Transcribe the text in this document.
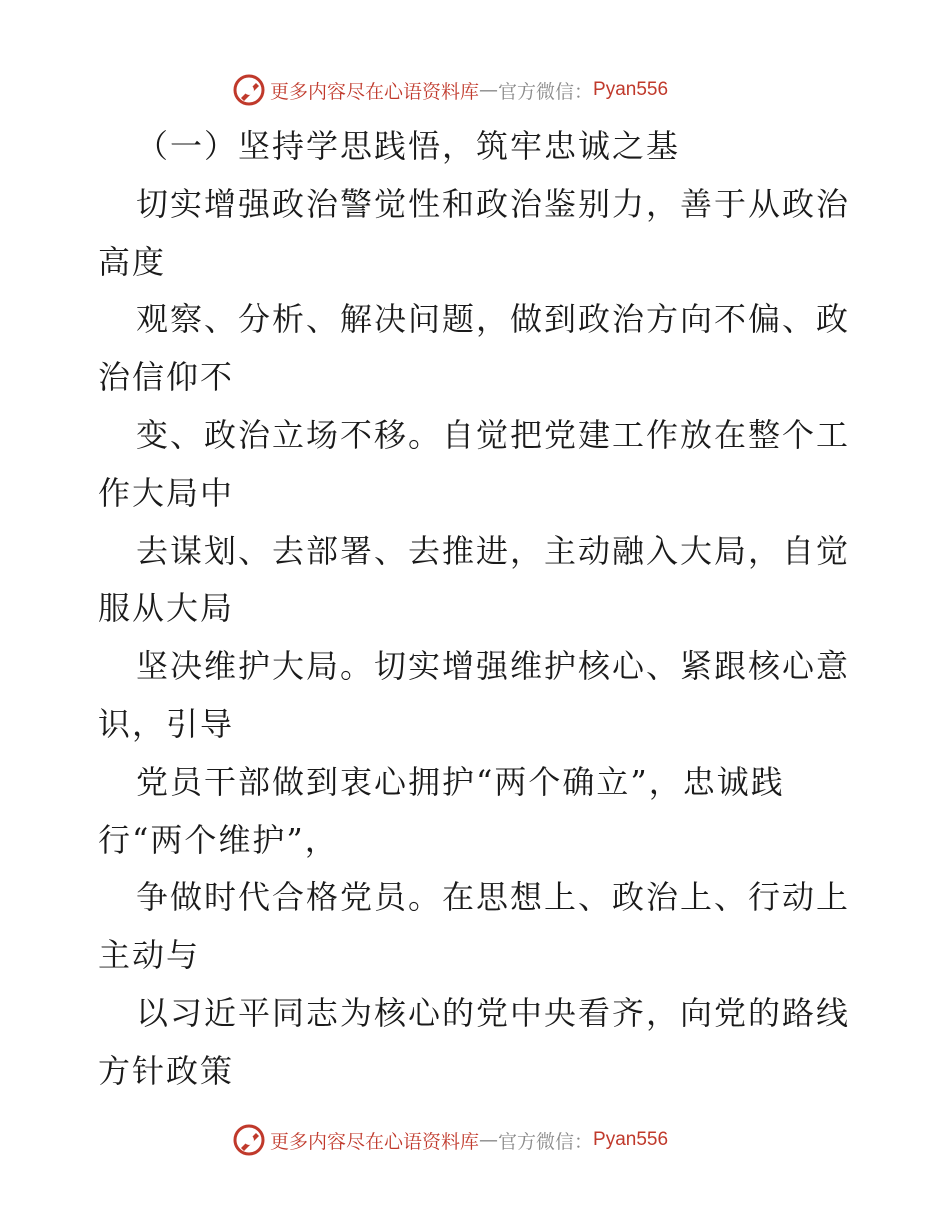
更多内容尽在心语资料库 — 官方微信： Pyan556
（一）坚持学思践悟，筑牢忠诚之基
切实增强政治警觉性和政治鉴别力，善于从政治
高度
观察、分析、解决问题，做到政治方向不偏、政
治信仰不
变、政治立场不移。自觉把党建工作放在整个工
作大局中
去谋划、去部署、去推进，主动融入大局，自觉
服从大局
坚决维护大局。切实增强维护核心、紧跟核心意
识，引导
党员干部做到衷心拥护“两个确立”，忠诚践
行“两个维护”，
争做时代合格党员。在思想上、政治上、行动上
主动与
以习近平同志为核心的党中央看齐，向党的路线
方针政策
更多内容尽在心语资料库 — 官方微信： Pyan556
